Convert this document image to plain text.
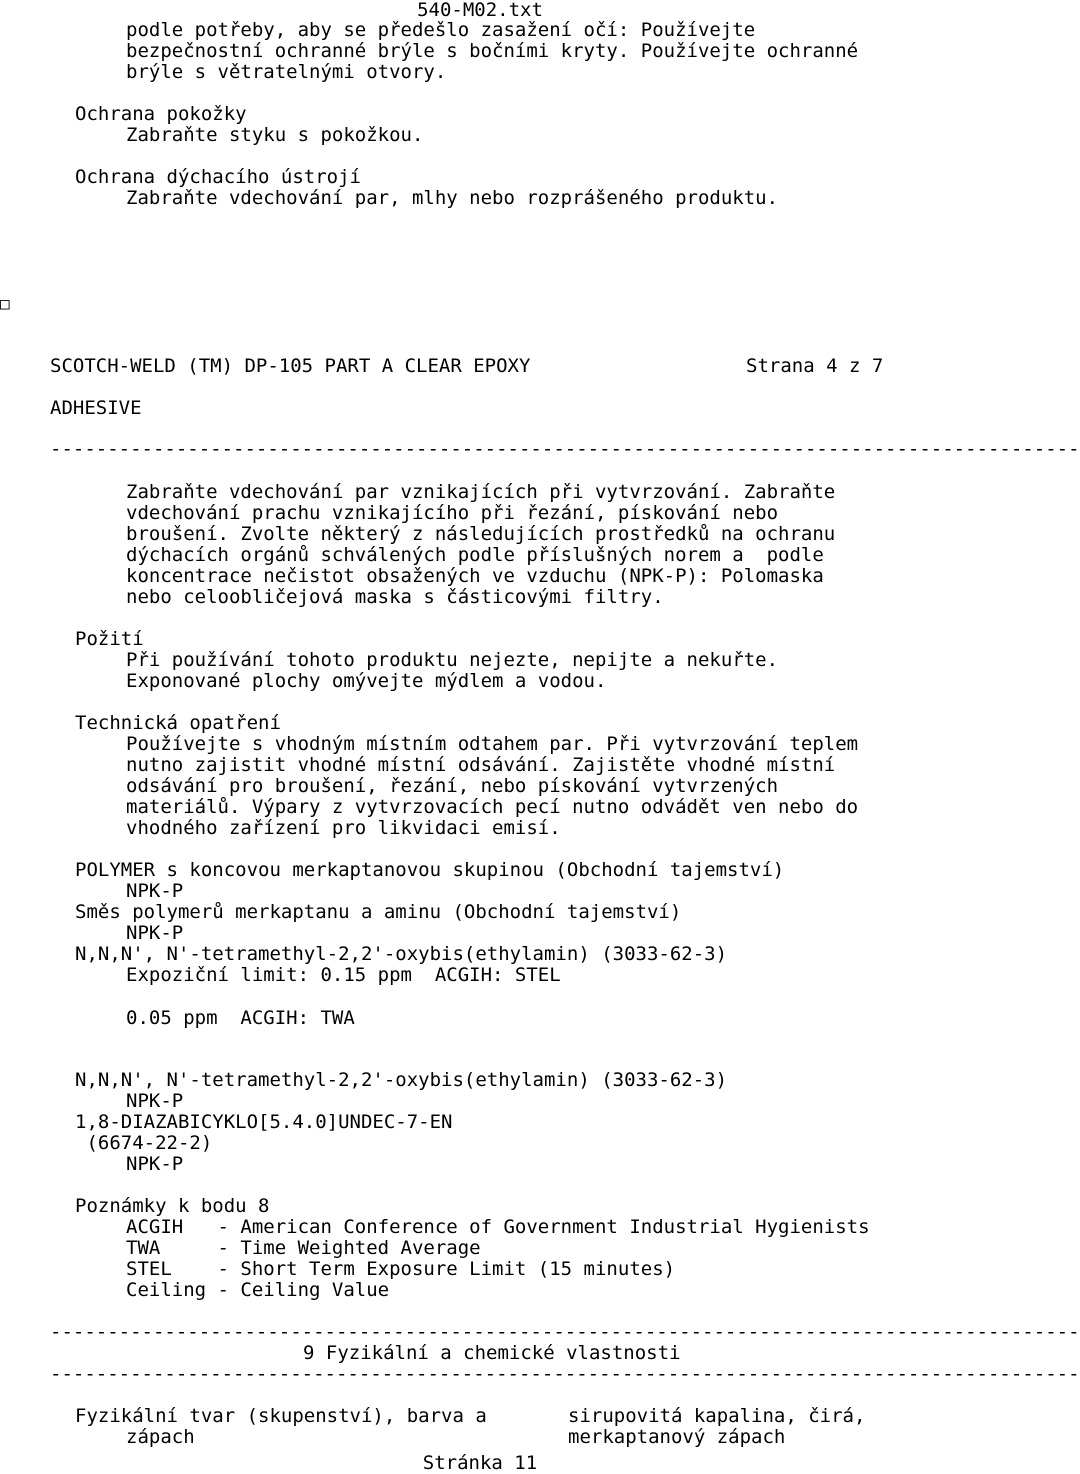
540-M02.txt
podle potřeby, aby se předešlo zasažení očí: Používejte
bezpečnostní ochranné brýle s bočními kryty. Používejte ochranné
brýle s větratelnými otvory.
Ochrana pokožky
Zabraňte styku s pokožkou.
Ochrana dýchacího ústrojí
Zabraňte vdechování par, mlhy nebo rozprášeného produktu.
□
SCOTCH-WELD (TM) DP-105 PART A CLEAR EPOXY	Strana 4 z 7
ADHESIVE
------------------------------------------------------------------------------------------
Zabraňte vdechování par vznikajících při vytvrzování. Zabraňte
vdechování prachu vznikajícího při řezání, pískování nebo
broušení. Zvolte některý z následujících prostředků na ochranu
dýchacích orgánů schválených podle příslušných norem a  podle
koncentrace nečistot obsažených ve vzduchu (NPK-P): Polomaska
nebo celoobličejová maska s částicovými filtry.
Požití
Při používání tohoto produktu nejezte, nepijte a nekuřte.
Exponované plochy omývejte mýdlem a vodou.
Technická opatření
Používejte s vhodným místním odtahem par. Při vytvrzování teplem
nutno zajistit vhodné místní odsávání. Zajistěte vhodné místní
odsávání pro broušení, řezání, nebo pískování vytvrzených
materiálů. Výpary z vytvrzovacích pecí nutno odvádět ven nebo do
vhodného zařízení pro likvidaci emisí.
POLYMER s koncovou merkaptanovou skupinou (Obchodní tajemství)
NPK-P
Směs polymerů merkaptanu a aminu (Obchodní tajemství)
NPK-P
N,N,N', N'-tetramethyl-2,2'-oxybis(ethylamin) (3033-62-3)
Expoziční limit: 0.15 ppm  ACGIH: STEL
0.05 ppm  ACGIH: TWA
N,N,N', N'-tetramethyl-2,2'-oxybis(ethylamin) (3033-62-3)
NPK-P
1,8-DIAZABICYKLO[5.4.0]UNDEC-7-EN
(6674-22-2)
NPK-P
Poznámky k bodu 8
ACGIH   - American Conference of Government Industrial Hygienists
TWA     - Time Weighted Average
STEL    - Short Term Exposure Limit (15 minutes)
Ceiling - Ceiling Value
------------------------------------------------------------------------------------------
9 Fyzikální a chemické vlastnosti
------------------------------------------------------------------------------------------
Fyzikální tvar (skupenství), barva a
zápach
sirupovitá kapalina, čirá,
merkaptanový zápach
Stránka 11
